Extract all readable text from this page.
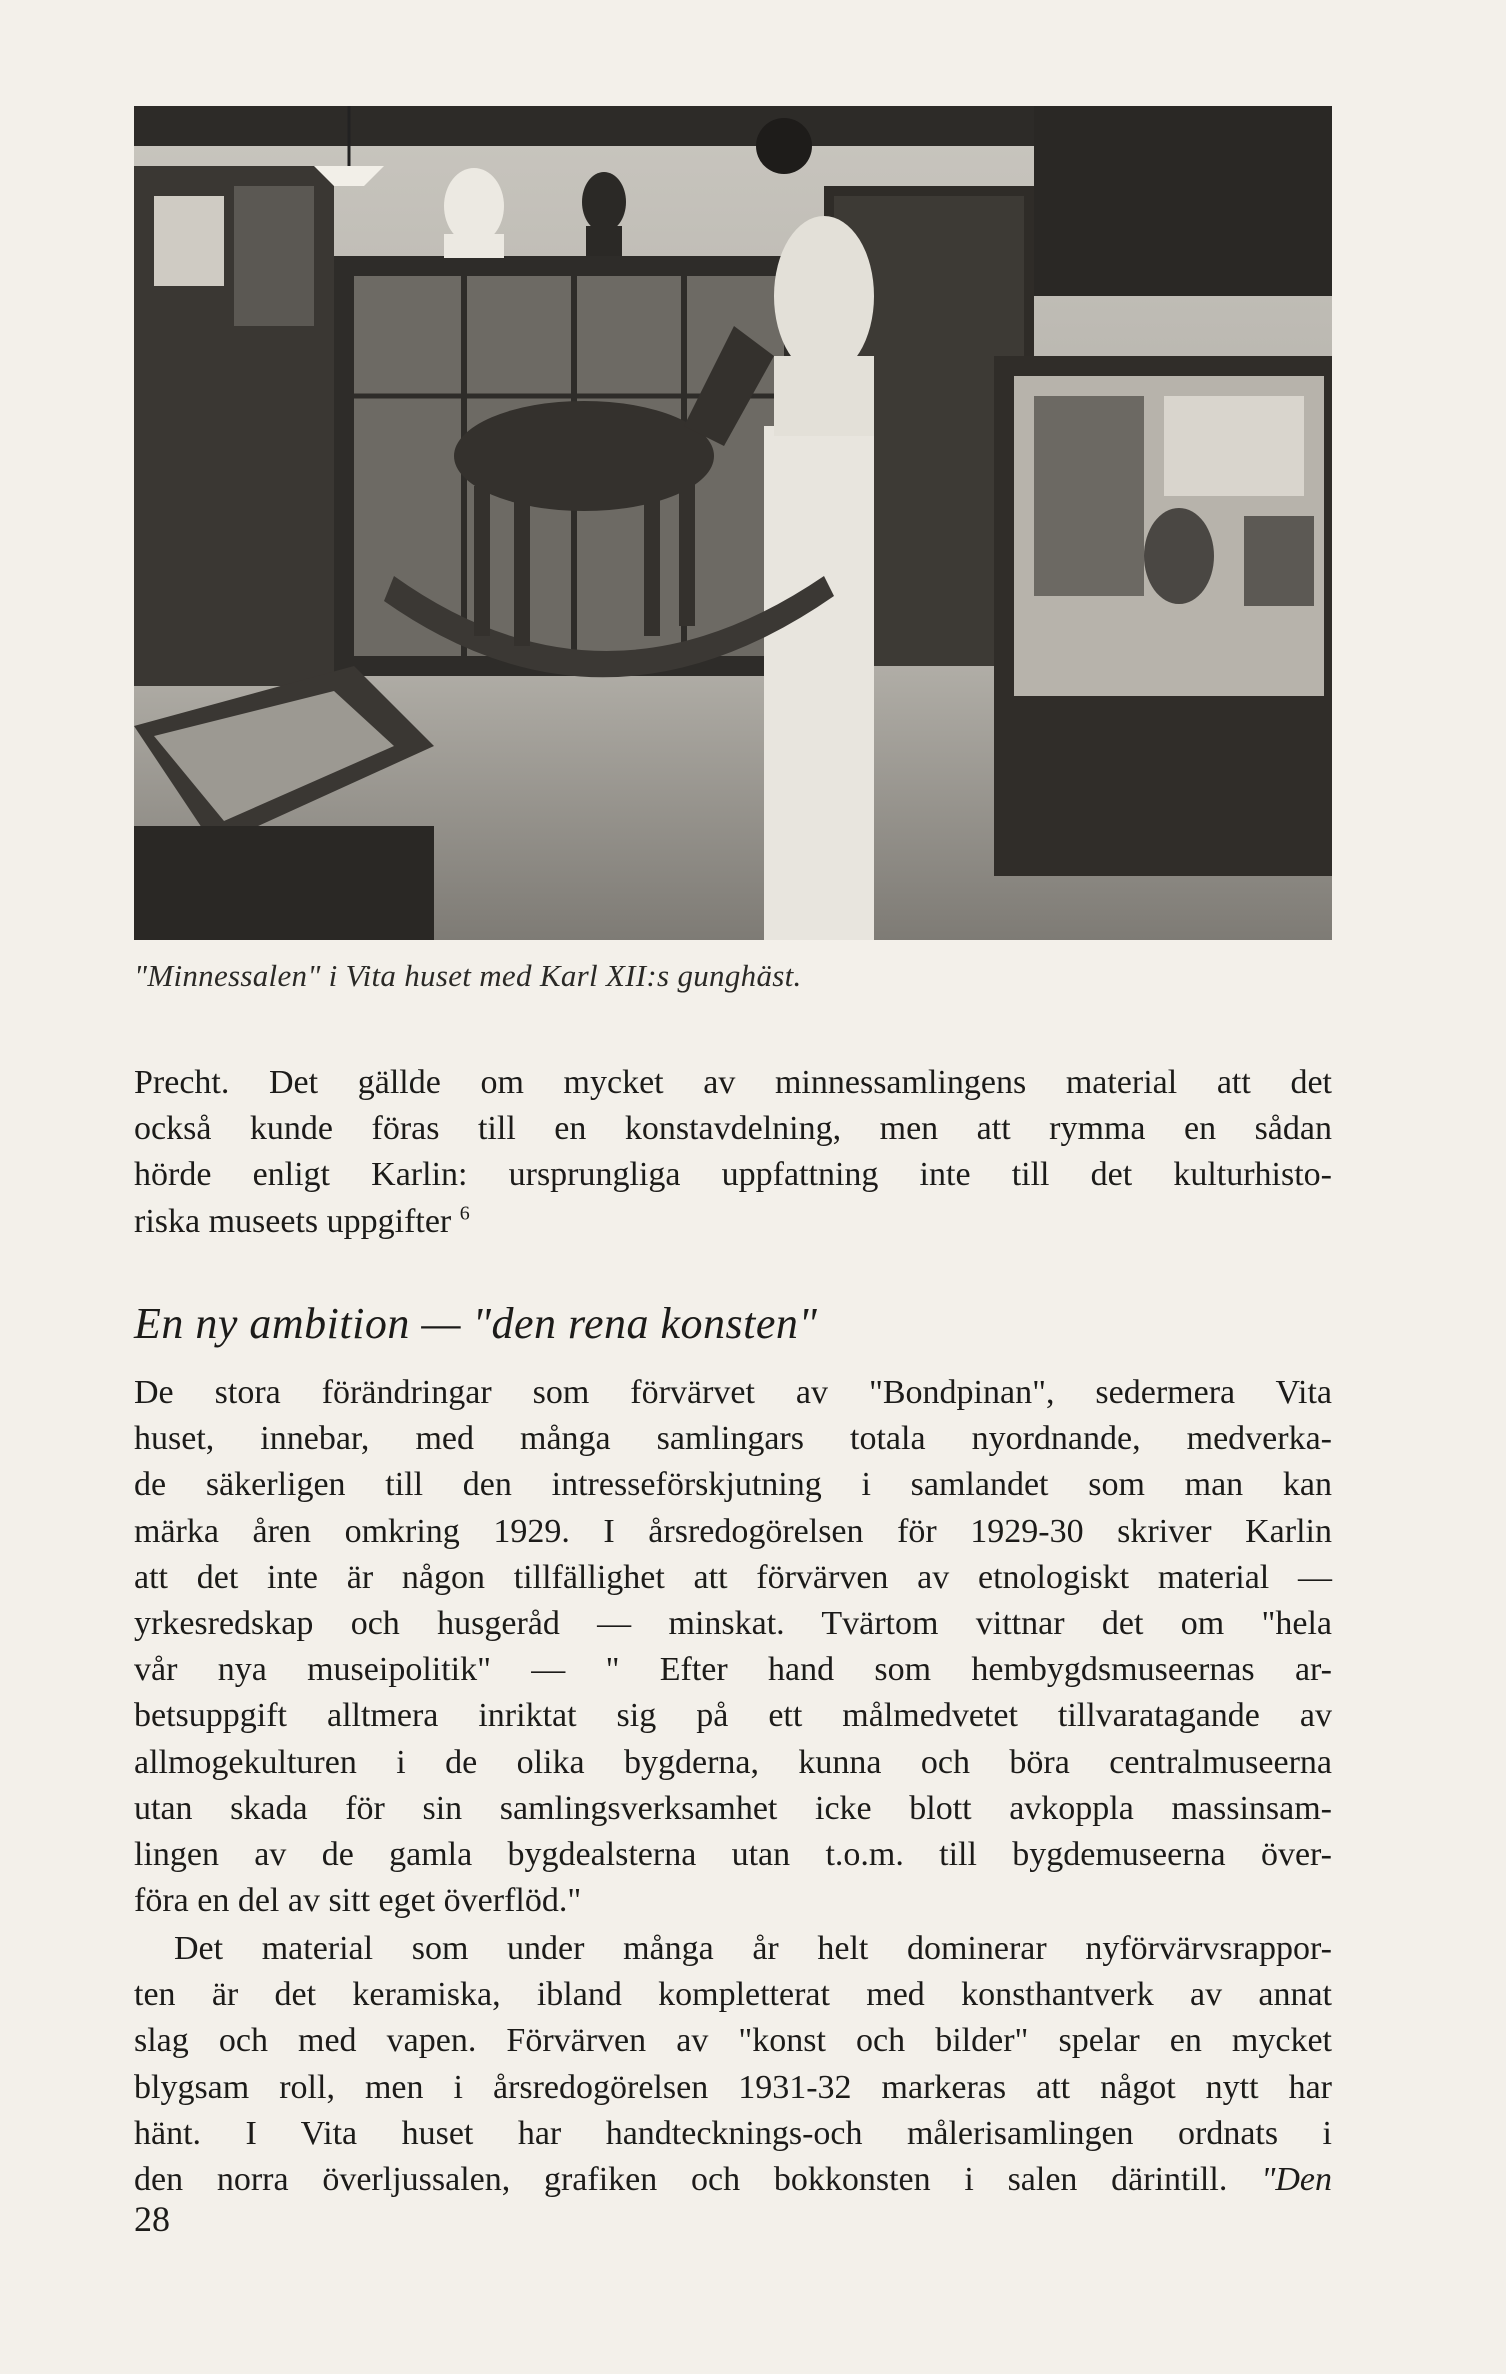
"Minnessalen" i Vita huset med Karl XII:s gunghäst.
Precht. Det gällde om mycket av minnessamlingens material att det
också kunde föras till en konstavdelning, men att rymma en sådan
hörde enligt Karlin: ursprungliga uppfattning inte till det kulturhisto-
riska museets uppgifter $^6$
En ny ambition — "den rena konsten"
De stora förändringar som förvärvet av "Bondpinan", sedermera Vita
huset, innebar, med många samlingars totala nyordnande, medverka-
de säkerligen till den intresseförskjutning i samlandet som man kan
märka åren omkring 1929. I årsredogörelsen för 1929-30 skriver Karlin
att det inte är någon tillfällighet att förvärven av etnologiskt material —
yrkesredskap och husgeråd — minskat. Tvärtom vittnar det om "hela
vår nya museipolitik" — " Efter hand som hembygdsmuseernas ar-
betsuppgift alltmera inriktat sig på ett målmedvetet tillvaratagande av
allmogekulturen i de olika bygderna, kunna och böra centralmuseerna
utan skada för sin samlingsverksamhet icke blott avkoppla massinsam-
lingen av de gamla bygdealsterna utan t.o.m. till bygdemuseerna över-
föra en del av sitt eget överflöd."
Det material som under många år helt dominerar nyförvärvsrappor-
ten är det keramiska, ibland kompletterat med konsthantverk av annat
slag och med vapen. Förvärven av "konst och bilder" spelar en mycket
blygsam roll, men i årsredogörelsen 1931-32 markeras att något nytt har
hänt. I Vita huset har handtecknings-och målerisamlingen ordnats i
den norra överljussalen, grafiken och bokkonsten i salen därintill. "Den
28
